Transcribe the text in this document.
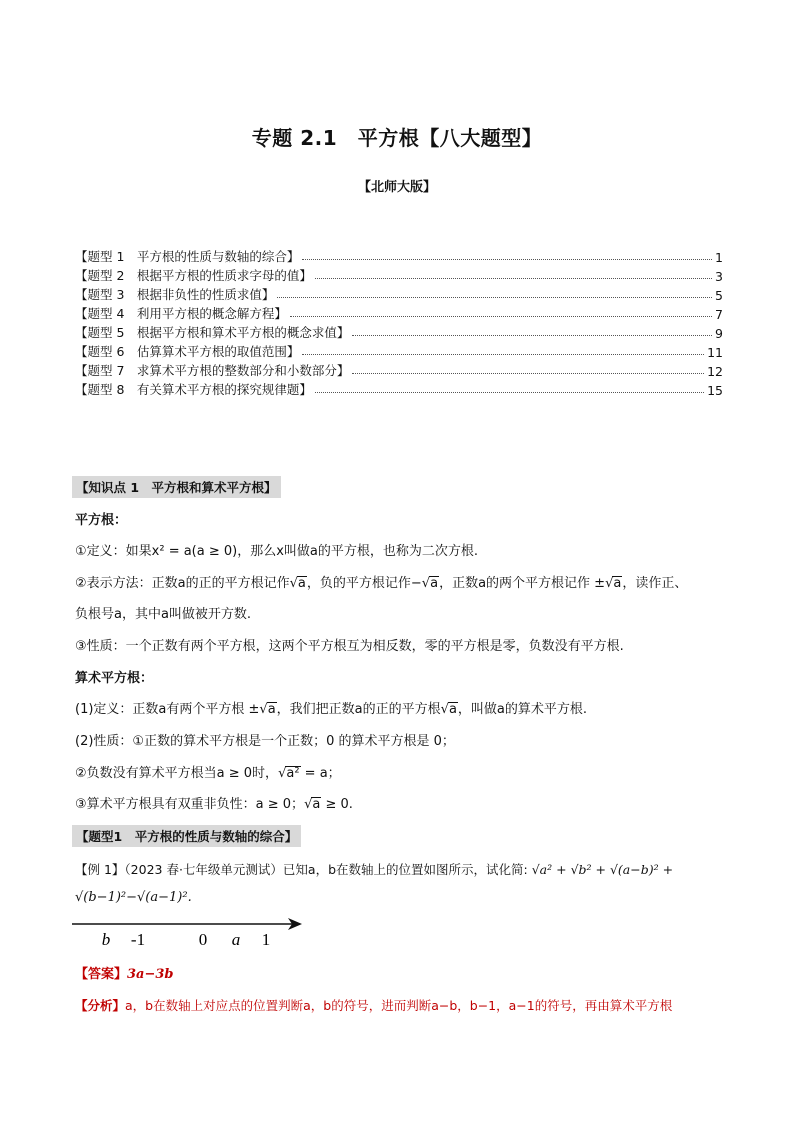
专题 2.1　平方根【八大题型】
【北师大版】
【题型 1　平方根的性质与数轴的综合】	1
【题型 2　根据平方根的性质求字母的值】	3
【题型 3　根据非负性的性质求值】	5
【题型 4　利用平方根的概念解方程】	7
【题型 5　根据平方根和算术平方根的概念求值】	9
【题型 6　估算算术平方根的取值范围】	11
【题型 7　求算术平方根的整数部分和小数部分】	12
【题型 8　有关算术平方根的探究规律题】	15
【知识点 1　平方根和算术平方根】
平方根：
①定义：如果x² = a(a ≥ 0)，那么x叫做a的平方根，也称为二次方根.
②表示方法：正数a的正的平方根记作√a，负的平方根记作−√a，正数a的两个平方根记作 ±√a，读作正、
负根号a，其中a叫做被开方数.
③性质：一个正数有两个平方根，这两个平方根互为相反数，零的平方根是零，负数没有平方根.
算术平方根：
(1)定义：正数a有两个平方根 ±√a，我们把正数a的正的平方根√a，叫做a的算术平方根.
(2)性质：①正数的算术平方根是一个正数；0 的算术平方根是 0；
②负数没有算术平方根当a ≥ 0时，√a² = a；
③算术平方根具有双重非负性：a ≥ 0；√a ≥ 0.
【题型1　平方根的性质与数轴的综合】
【例 1】（2023 春·七年级单元测试）已知a，b在数轴上的位置如图所示，试化简: √a² + √b² + √(a−b)² +
√(b−1)²−√(a−1)².
b -1	0 a 1
【答案】3a−3b
【分析】a，b在数轴上对应点的位置判断a，b的符号，进而判断a−b，b−1，a−1的符号，再由算术平方根
